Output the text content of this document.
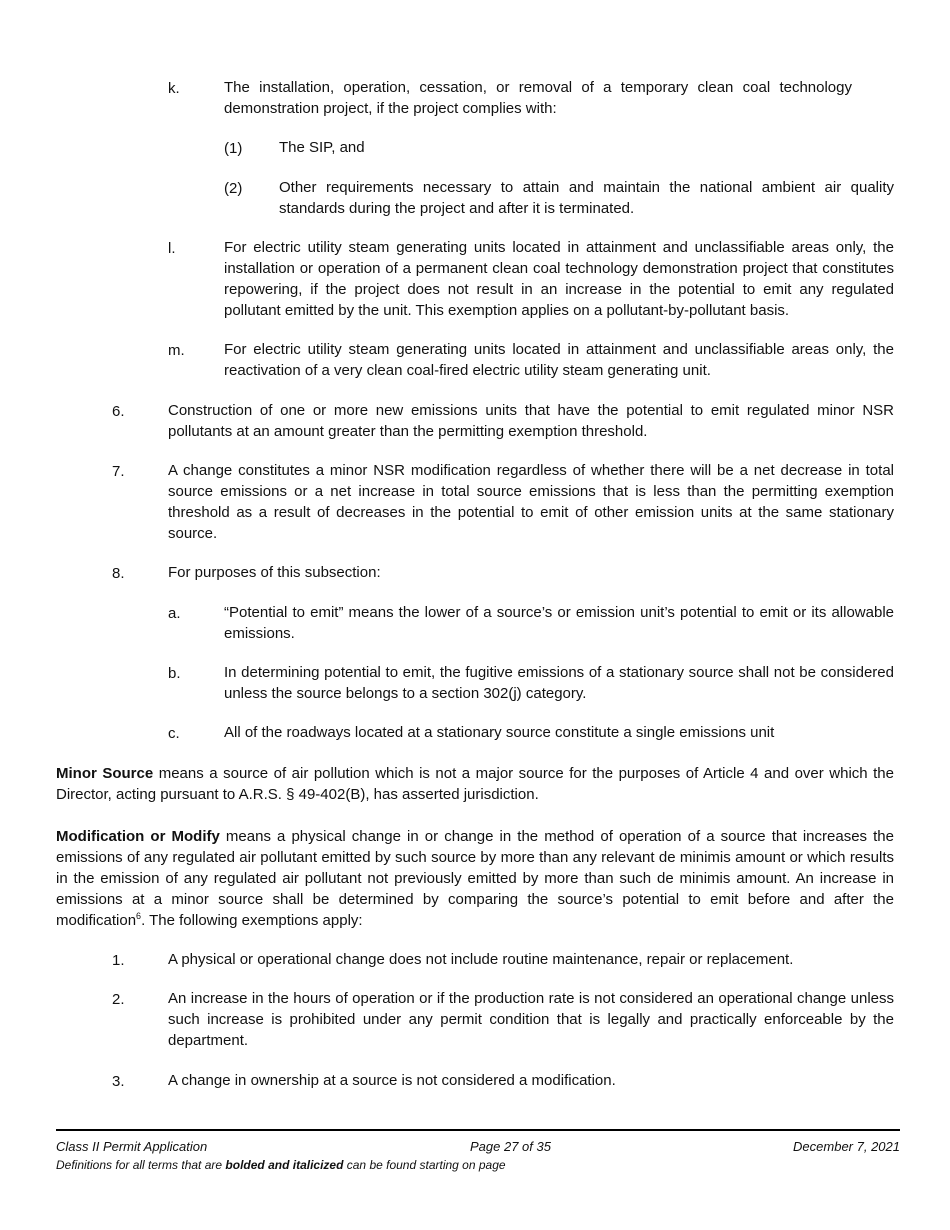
k.	The installation, operation, cessation, or removal of a temporary clean coal technology demonstration project, if the project complies with:
(1) The SIP, and
(2) Other requirements necessary to attain and maintain the national ambient air quality standards during the project and after it is terminated.
l.	For electric utility steam generating units located in attainment and unclassifiable areas only, the installation or operation of a permanent clean coal technology demonstration project that constitutes repowering, if the project does not result in an increase in the potential to emit any regulated pollutant emitted by the unit. This exemption applies on a pollutant-by-pollutant basis.
m.	For electric utility steam generating units located in attainment and unclassifiable areas only, the reactivation of a very clean coal-fired electric utility steam generating unit.
6.	Construction of one or more new emissions units that have the potential to emit regulated minor NSR pollutants at an amount greater than the permitting exemption threshold.
7.	A change constitutes a minor NSR modification regardless of whether there will be a net decrease in total source emissions or a net increase in total source emissions that is less than the permitting exemption threshold as a result of decreases in the potential to emit of other emission units at the same stationary source.
8.	For purposes of this subsection:
a.	“Potential to emit” means the lower of a source’s or emission unit’s potential to emit or its allowable emissions.
b.	In determining potential to emit, the fugitive emissions of a stationary source shall not be considered unless the source belongs to a section 302(j) category.
c.	All of the roadways located at a stationary source constitute a single emissions unit
Minor Source means a source of air pollution which is not a major source for the purposes of Article 4 and over which the Director, acting pursuant to A.R.S. § 49-402(B), has asserted jurisdiction.
Modification or Modify means a physical change in or change in the method of operation of a source that increases the emissions of any regulated air pollutant emitted by such source by more than any relevant de minimis amount or which results in the emission of any regulated air pollutant not previously emitted by more than such de minimis amount. An increase in emissions at a minor source shall be determined by comparing the source’s potential to emit before and after the modification$^6$. The following exemptions apply:
1.	A physical or operational change does not include routine maintenance, repair or replacement.
2.	An increase in the hours of operation or if the production rate is not considered an operational change unless such increase is prohibited under any permit condition that is legally and practically enforceable by the department.
3.	A change in ownership at a source is not considered a modification.
Class II Permit Application	Page 27 of 35	December 7, 2021
Definitions for all terms that are bolded and italicized can be found starting on page
